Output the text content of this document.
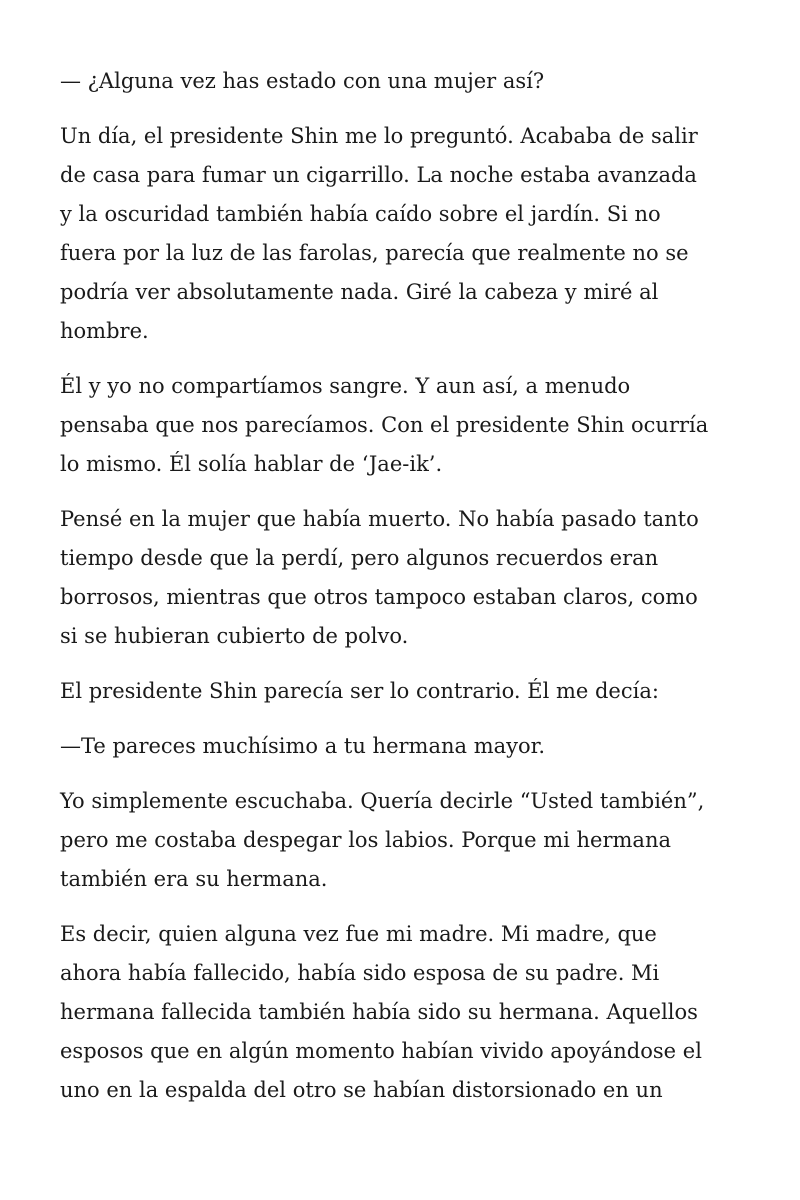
— ¿Alguna vez has estado con una mujer así?

Un día, el presidente Shin me lo preguntó. Acababa de salir
de casa para fumar un cigarrillo. La noche estaba avanzada
y la oscuridad también había caído sobre el jardín. Si no
fuera por la luz de las farolas, parecía que realmente no se
podría ver absolutamente nada. Giré la cabeza y miré al
hombre.

Él y yo no compartíamos sangre. Y aun así, a menudo
pensaba que nos parecíamos. Con el presidente Shin ocurría
lo mismo. Él solía hablar de ‘Jae-ik’.

Pensé en la mujer que había muerto. No había pasado tanto
tiempo desde que la perdí, pero algunos recuerdos eran
borrosos, mientras que otros tampoco estaban claros, como
si se hubieran cubierto de polvo.

El presidente Shin parecía ser lo contrario. Él me decía:

—Te pareces muchísimo a tu hermana mayor.

Yo simplemente escuchaba. Quería decirle “Usted también”,
pero me costaba despegar los labios. Porque mi hermana
también era su hermana.

Es decir, quien alguna vez fue mi madre. Mi madre, que
ahora había fallecido, había sido esposa de su padre. Mi
hermana fallecida también había sido su hermana. Aquellos
esposos que en algún momento habían vivido apoyándose el
uno en la espalda del otro se habían distorsionado en un
